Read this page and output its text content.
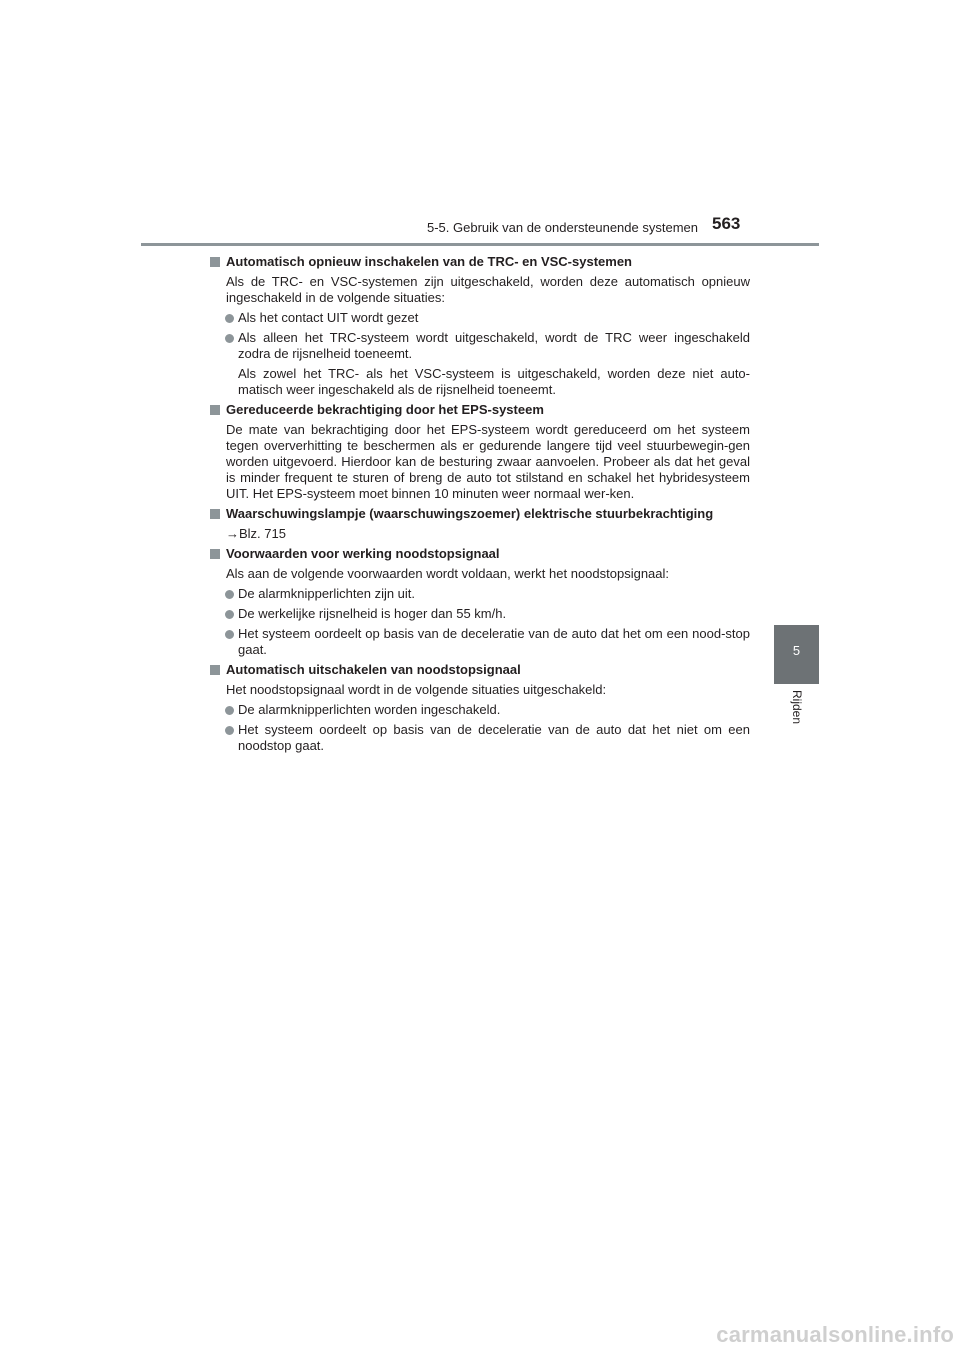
5-5. Gebruik van de ondersteunende systemen 563
5
Rijden
Automatisch opnieuw inschakelen van de TRC- en VSC-systemen
Als de TRC- en VSC-systemen zijn uitgeschakeld, worden deze automatisch opnieuw ingeschakeld in de volgende situaties:
Als het contact UIT wordt gezet
Als alleen het TRC-systeem wordt uitgeschakeld, wordt de TRC weer ingeschakeld zodra de rijsnelheid toeneemt.
Als zowel het TRC- als het VSC-systeem is uitgeschakeld, worden deze niet auto-matisch weer ingeschakeld als de rijsnelheid toeneemt.
Gereduceerde bekrachtiging door het EPS-systeem
De mate van bekrachtiging door het EPS-systeem wordt gereduceerd om het systeem tegen oververhitting te beschermen als er gedurende langere tijd veel stuurbewegin-gen worden uitgevoerd. Hierdoor kan de besturing zwaar aanvoelen. Probeer als dat het geval is minder frequent te sturen of breng de auto tot stilstand en schakel het hybridesysteem UIT. Het EPS-systeem moet binnen 10 minuten weer normaal wer-ken.
Waarschuwingslampje (waarschuwingszoemer) elektrische stuurbekrachtiging
→Blz. 715
Voorwaarden voor werking noodstopsignaal
Als aan de volgende voorwaarden wordt voldaan, werkt het noodstopsignaal:
De alarmknipperlichten zijn uit.
De werkelijke rijsnelheid is hoger dan 55 km/h.
Het systeem oordeelt op basis van de deceleratie van de auto dat het om een nood-stop gaat.
Automatisch uitschakelen van noodstopsignaal
Het noodstopsignaal wordt in de volgende situaties uitgeschakeld:
De alarmknipperlichten worden ingeschakeld.
Het systeem oordeelt op basis van de deceleratie van de auto dat het niet om een noodstop gaat.
carmanualsonline.info
